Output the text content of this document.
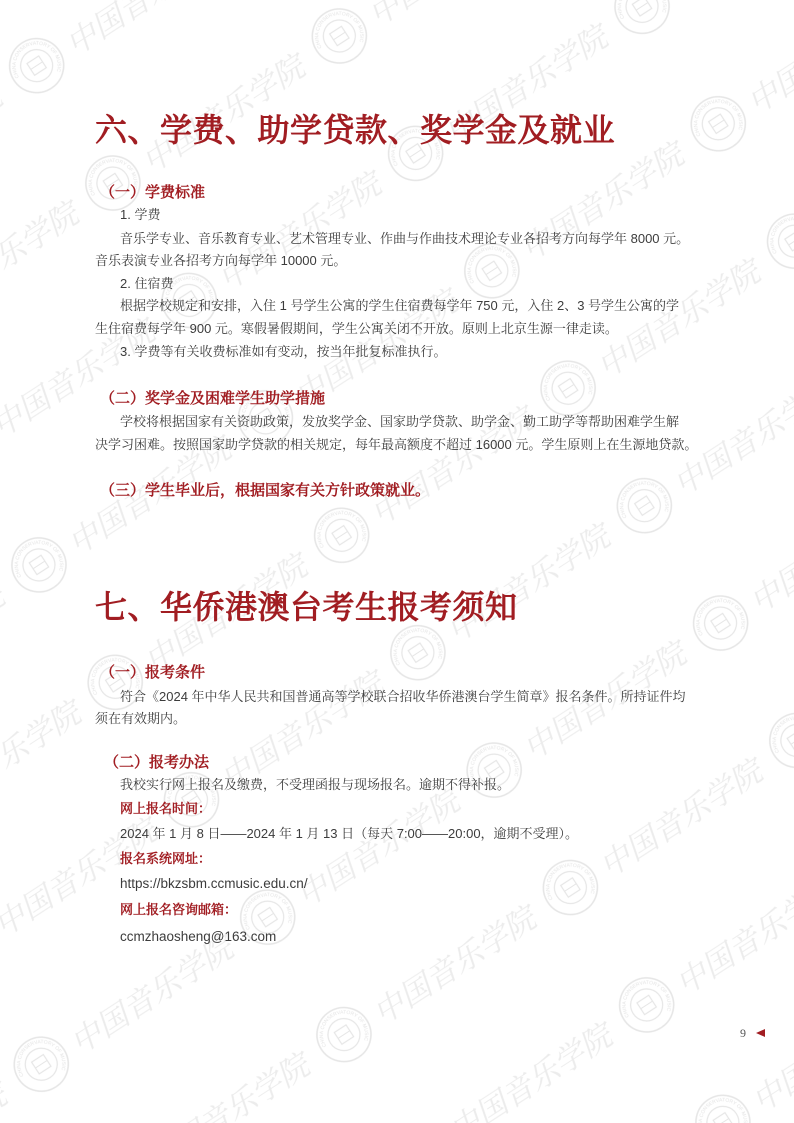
六、学费、助学贷款、奖学金及就业
（一）学费标准
1. 学费
音乐学专业、音乐教育专业、艺术管理专业、作曲与作曲技术理论专业各招考方向每学年 8000 元。
音乐表演专业各招考方向每学年 10000 元。
2. 住宿费
根据学校规定和安排，入住 1 号学生公寓的学生住宿费每学年 750 元，入住 2、3 号学生公寓的学
生住宿费每学年 900 元。寒假暑假期间，学生公寓关闭不开放。原则上北京生源一律走读。
3. 学费等有关收费标准如有变动，按当年批复标准执行。
（二）奖学金及困难学生助学措施
学校将根据国家有关资助政策，发放奖学金、国家助学贷款、助学金、勤工助学等帮助困难学生解
决学习困难。按照国家助学贷款的相关规定，每年最高额度不超过 16000 元。学生原则上在生源地贷款。
（三）学生毕业后，根据国家有关方针政策就业。
七、华侨港澳台考生报考须知
（一）报考条件
符合《2024 年中华人民共和国普通高等学校联合招收华侨港澳台学生简章》报名条件。所持证件均
须在有效期内。
（二）报考办法
我校实行网上报名及缴费，不受理函报与现场报名。逾期不得补报。
网上报名时间：
2024 年 1 月 8 日——2024 年 1 月 13 日（每天 7:00——20:00，逾期不受理）。
报名系统网址：
https://bkzsbm.ccmusic.edu.cn/
网上报名咨询邮箱：
ccmzhaosheng@163.com
9
